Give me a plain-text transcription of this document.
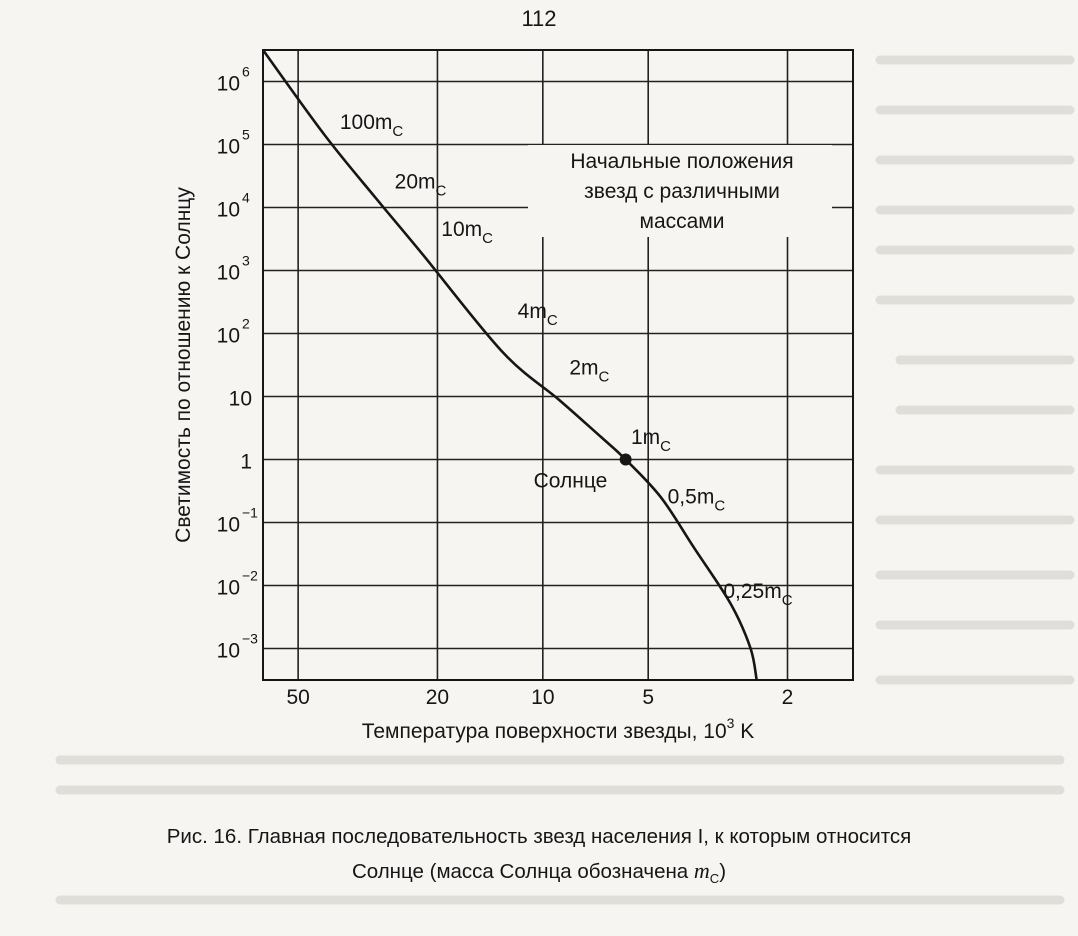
112
50	20	10	5	2
10
6
10
5
10
4
10
3
10
2
10
1
10
−1
10
−2
10
−3
Солнце
$100m_C$
$20m_C$
$10m_C$
$4m_C$
$2m_C$
$1m_C$
$0,5m_C$
$0,25m_C$
Начальные положения звезд с различными массами
Светимость по отношению к Солнцу
Температура поверхности звезды, $10^3$ K
Рис. 16. Главная последовательность звезд населения I, к которым относится
Солнце (масса Солнца обозначена $m_C$)
